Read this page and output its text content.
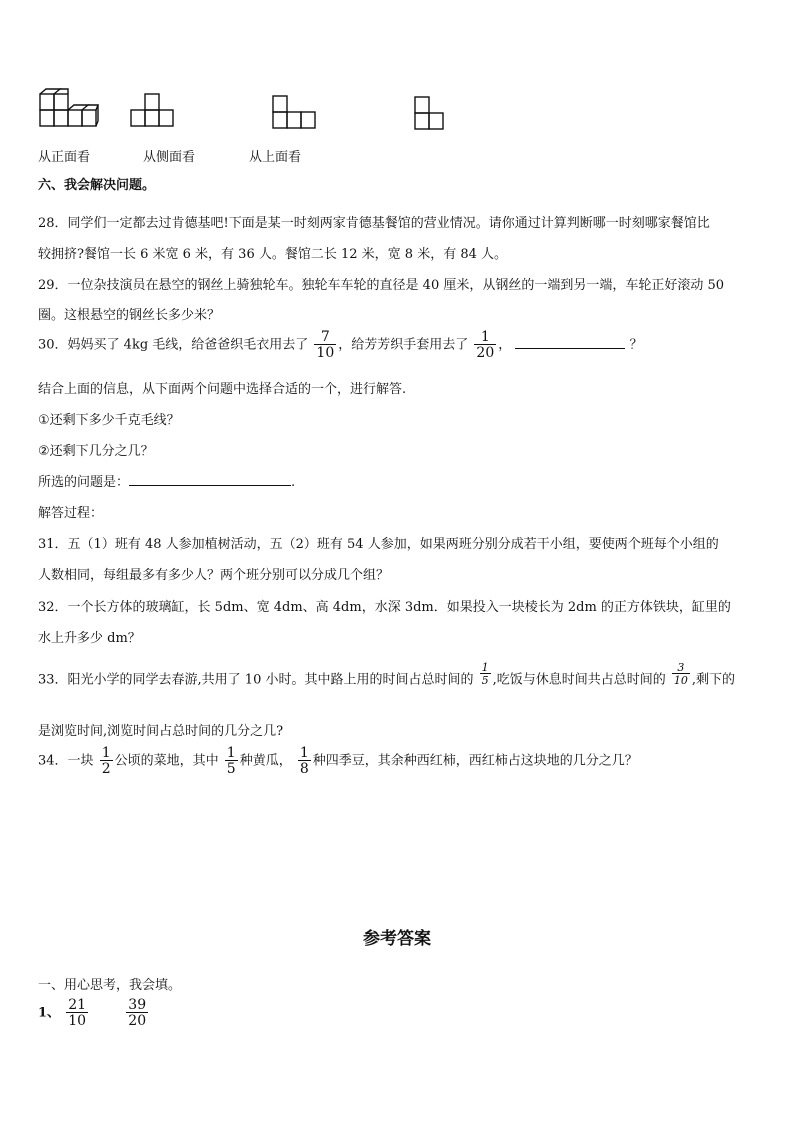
从正面看	从侧面看	从上面看
六、我会解决问题。
28．同学们一定都去过肯德基吧!下面是某一时刻两家肯德基餐馆的营业情况。请你通过计算判断哪一时刻哪家餐馆比
较拥挤?餐馆一长 6 米宽 6 米，有 36 人。餐馆二长 12 米，宽 8 米，有 84 人。
29．一位杂技演员在悬空的钢丝上骑独轮车。独轮车车轮的直径是 40 厘米，从钢丝的一端到另一端，车轮正好滚动 50
圈。这根悬空的钢丝长多少米？
30．妈妈买了 4kg 毛线，给爸爸织毛衣用去了 $\frac{7}{10}$ ，给芳芳织手套用去了 $\frac{1}{20}$ ，	？
结合上面的信息，从下面两个问题中选择合适的一个，进行解答.
①还剩下多少千克毛线？
②还剩下几分之几？
所选的问题是：	.
解答过程：
31．五（1）班有 48 人参加植树活动，五（2）班有 54 人参加，如果两班分别分成若干小组，要使两个班每个小组的
人数相同，每组最多有多少人？两个班分别可以分成几个组？
32．一个长方体的玻璃缸，长 5dm、宽 4dm、高 4dm，水深 3dm．如果投入一块棱长为 2dm 的正方体铁块，缸里的
水上升多少 dm？
33．阳光小学的同学去春游,共用了 10 小时。其中路上用的时间占总时间的 $\frac{1}{5}$ ,吃饭与休息时间共占总时间的 $\frac{3}{10}$ ,剩下的
是浏览时间,浏览时间占总时间的几分之几?
34．一块 $\frac{1}{2}$ 公顷的菜地，其中 $\frac{1}{5}$ 种黄瓜， $\frac{1}{8}$ 种四季豆，其余种西红柿，西红柿占这块地的几分之几？
参考答案
一、用心思考，我会填。
1、 $\frac{21}{10}$
	$\frac{39}{20}$
